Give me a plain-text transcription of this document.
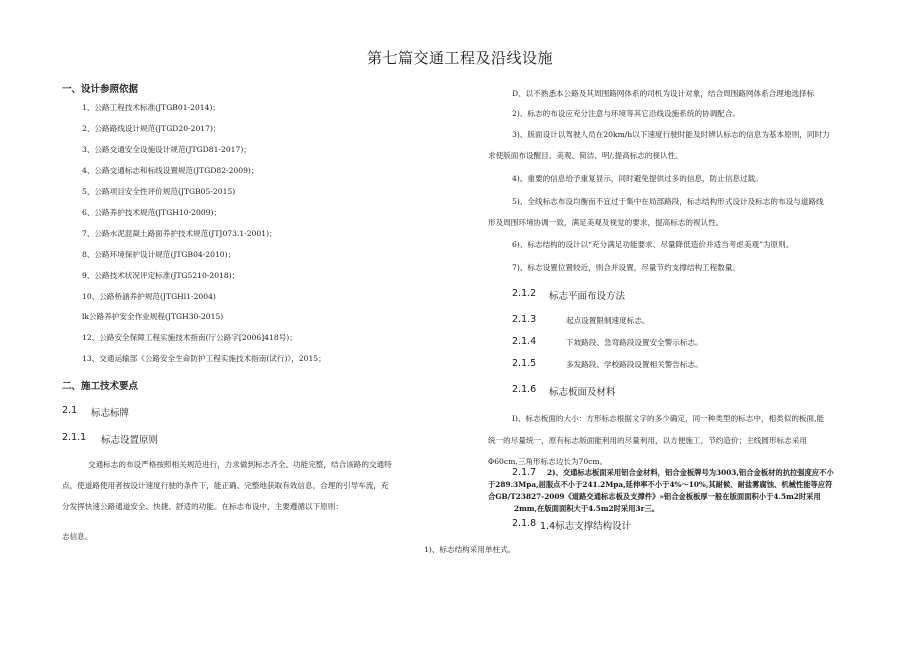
第七篇交通工程及沿线设施
一、设计参照依据
1、公路工程技术标准(JTGB01-2014)；
2、公路路线设计规范(JTGD20-2017)；
3、公路交通安全设施设计规范(JTGD81-2017)；
4、公路交通标志和标线设置规范(JTGD82-2009)；
5、公路项目安全性评价规范(JTGB05-2015)
6、公路养护技术规范(JTGH10-2009)；
7、公路水泥混凝土路面养护技术规范(JTJ073.1-2001)；
8、公路环境保护设计规范(JTGB04-2010)；
9、公路技术状况评定标准(JTG5210-2018)；
10、公路桥涵养护规范(JTGHl1-2004)
lk公路养护安全作业规程(JTGH30-2015)
12、公路安全保障工程实施技术指南(厅公路字[2006]418号)；
13、交通运输部《公路安全生命防护工程实施技术指南(试行)》，2015；
二、施工技术要点
2.1 标志标牌
2.1.1 标志设置原则
交通标志的布设严格按照相关规范进行，力求做到标志齐全、功能完整，结合该路的交通特
点，使道路使用者按设计速度行驶的条件下，能正确、完整地获取有效信息，合理的引导车流，充
分发挥快速公路通道安全、快捷、舒适的功能。在标志布设中，主要遵循以下原则：
志信息。
D、以不熟悉本公路及其周围路网体系的司机为设计对象，结合周围路网体系合理地选择标
2)、标志的布设应充分注意与环境等其它沿线设施系统的协调配合。
3)、版面设计以驾驶人员在20km∕h以下速度行驶时能及时辨认标志的信息为基本原则，同时力
求使版面布设醒目、美观、简洁、明/,提高标志的视认性。
4)、重要的信息给予重复显示，同时避免提供过多的信息，防止信息过载。
5)、全线标志布设均衡而不宜过于集中在局部路段，标志结构形式设计及标志的布设与道路线
形及周围环境协调一致，满足美观及视觉的要求，提高标志的视认性。
6)、标志结构的设计以“充分满足功能要求、尽量降低造价并适当考虑美观”为原则。
7)、标志设置位置较近，则合并设置，尽量节约支撑结构工程数量。
2.1.2 标志平面布设方法
2.1.3	起点设置限制速度标志。
2.1.4	下坡路段、急弯路段设置安全警示标志。
2.1.5	多发路段、学校路段设置相关警告标志。
2.1.6 标志板面及材料
I)、标志板面的大小：方形标志根据文字的多少确定，同一种类型的标志中，相类似的板面,能
统一的尽量统一，原有标志版面能利用的尽量利用，以方便施工，节约造价；主线圆形标志采用
Φ60cm,三角形标志边长为70cm。
2.1.7 2)、交通标志板面采用铝合金材料，铝合金板牌号为3003,铝合金板材的抗拉强度应不小
于289.3Mpa,屈服点不小于241.2Mpa,延伸率不小于4%～10%,其耐候、耐盐雾腐蚀、机械性能等应符
合GB/T23827-2009《道路交通标志板及支撑件》»铝合金板板厚一般在版面面积小于4.5m2时采用
2mm,在版面面积大于4.5m2时采用3r三。
2.1.8 1.4标志支撑结构设计
1)、标志结构采用单柱式。
